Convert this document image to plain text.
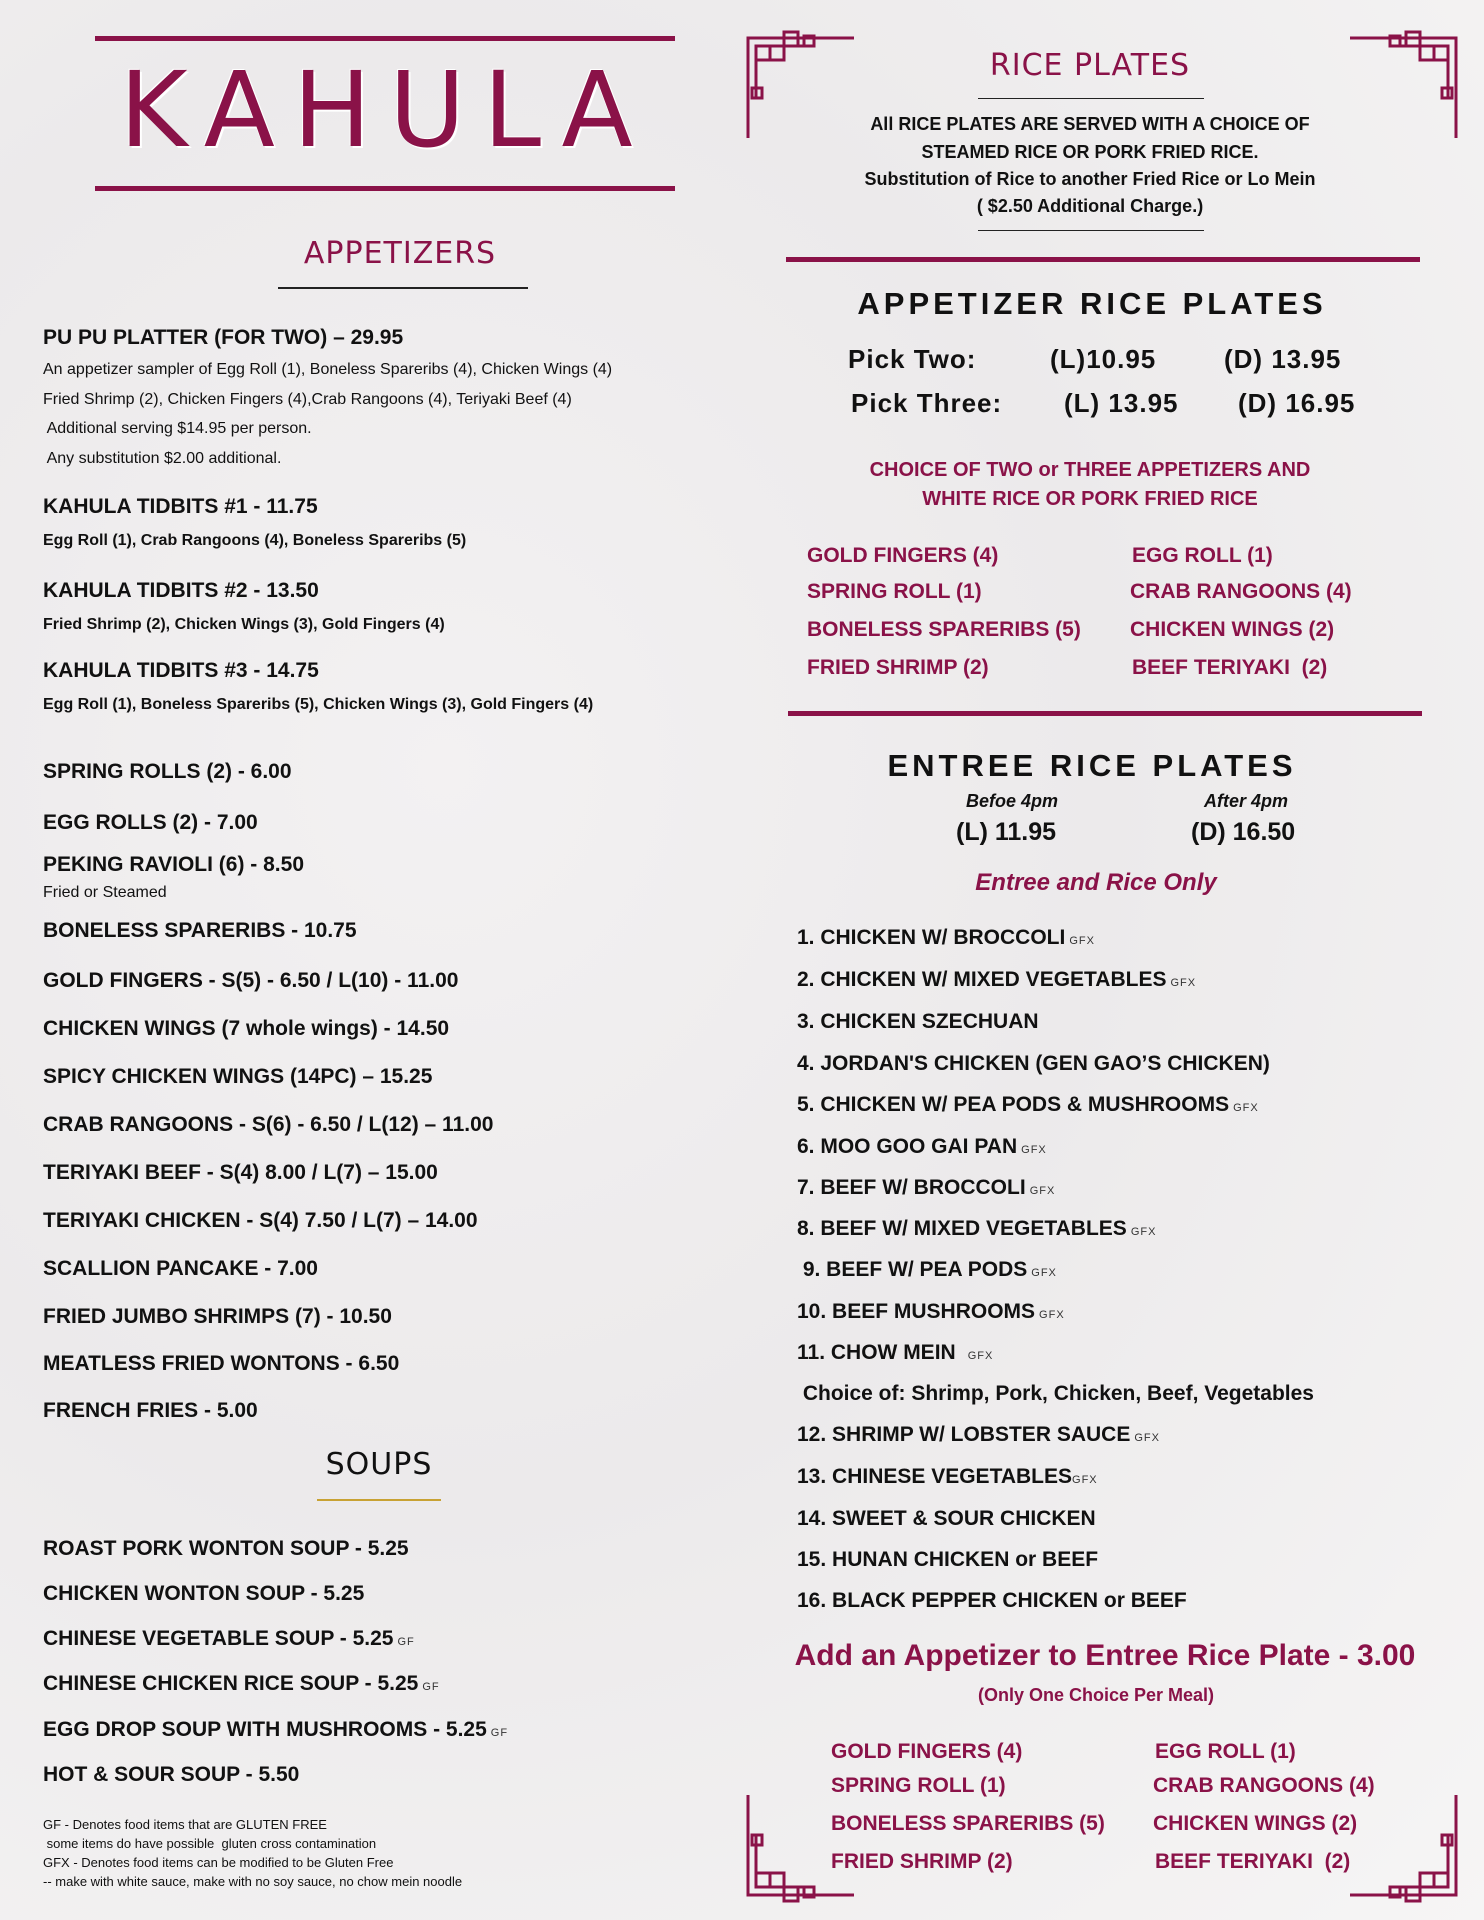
KAHULA
APPETIZERS
PU PU PLATTER (FOR TWO) – 29.95
An appetizer sampler of Egg Roll (1), Boneless Spareribs (4), Chicken Wings (4)
Fried Shrimp (2), Chicken Fingers (4),Crab Rangoons (4), Teriyaki Beef (4)
Additional serving $14.95 per person.
Any substitution $2.00 additional.
KAHULA TIDBITS #1 - 11.75
Egg Roll (1), Crab Rangoons (4), Boneless Spareribs (5)
KAHULA TIDBITS #2 - 13.50
Fried Shrimp (2), Chicken Wings (3), Gold Fingers (4)
KAHULA TIDBITS #3 - 14.75
Egg Roll (1), Boneless Spareribs (5), Chicken Wings (3), Gold Fingers (4)
SPRING ROLLS (2) - 6.00
EGG ROLLS (2) - 7.00
PEKING RAVIOLI (6) - 8.50
Fried or Steamed
BONELESS SPARERIBS - 10.75
GOLD FINGERS - S(5) - 6.50 / L(10) - 11.00
CHICKEN WINGS (7 whole wings) - 14.50
SPICY CHICKEN WINGS (14PC) – 15.25
CRAB RANGOONS - S(6) - 6.50 / L(12) – 11.00
TERIYAKI BEEF - S(4) 8.00 / L(7) – 15.00
TERIYAKI CHICKEN - S(4) 7.50 / L(7) – 14.00
SCALLION PANCAKE - 7.00
FRIED JUMBO SHRIMPS (7) - 10.50
MEATLESS FRIED WONTONS - 6.50
FRENCH FRIES - 5.00
SOUPS
ROAST PORK WONTON SOUP - 5.25
CHICKEN WONTON SOUP - 5.25
CHINESE VEGETABLE SOUP - 5.25 GF
CHINESE CHICKEN RICE SOUP - 5.25 GF
EGG DROP SOUP WITH MUSHROOMS - 5.25 GF
HOT & SOUR SOUP - 5.50
GF - Denotes food items that are GLUTEN FREE
some items do have possible  gluten cross contamination
GFX - Denotes food items can be modified to be Gluten Free
-- make with white sauce, make with no soy sauce, no chow mein noodle
RICE PLATES
All RICE PLATES ARE SERVED WITH A CHOICE OF
STEAMED RICE OR PORK FRIED RICE.
Substitution of Rice to another Fried Rice or Lo Mein
( $2.50 Additional Charge.)
APPETIZER RICE PLATES
Pick Two:	(L)10.95	(D) 13.95
Pick Three: (L) 13.95 (D) 16.95
CHOICE OF TWO or THREE APPETIZERS AND
WHITE RICE OR PORK FRIED RICE
GOLD FINGERS (4)
SPRING ROLL (1)
BONELESS SPARERIBS (5)
FRIED SHRIMP (2)
EGG ROLL (1)
CRAB RANGOONS (4)
CHICKEN WINGS (2)
BEEF TERIYAKI  (2)
ENTREE RICE PLATES
Befoe 4pm	After 4pm
(L) 11.95	(D) 16.50
Entree and Rice Only
1. CHICKEN W/ BROCCOLI GFX
2. CHICKEN W/ MIXED VEGETABLES GFX
3. CHICKEN SZECHUAN
4. JORDAN'S CHICKEN (GEN GAO’S CHICKEN)
5. CHICKEN W/ PEA PODS & MUSHROOMS GFX
6. MOO GOO GAI PAN GFX
7. BEEF W/ BROCCOLI GFX
8. BEEF W/ MIXED VEGETABLES GFX
9. BEEF W/ PEA PODS GFX
10. BEEF MUSHROOMS GFX
11. CHOW MEIN GFX
Choice of: Shrimp, Pork, Chicken, Beef, Vegetables
12. SHRIMP W/ LOBSTER SAUCE GFX
13. CHINESE VEGETABLESGFX
14. SWEET & SOUR CHICKEN
15. HUNAN CHICKEN or BEEF
16. BLACK PEPPER CHICKEN or BEEF
Add an Appetizer to Entree Rice Plate - 3.00
(Only One Choice Per Meal)
GOLD FINGERS (4)
SPRING ROLL (1)
BONELESS SPARERIBS (5)
FRIED SHRIMP (2)
EGG ROLL (1)
CRAB RANGOONS (4)
CHICKEN WINGS (2)
BEEF TERIYAKI  (2)
